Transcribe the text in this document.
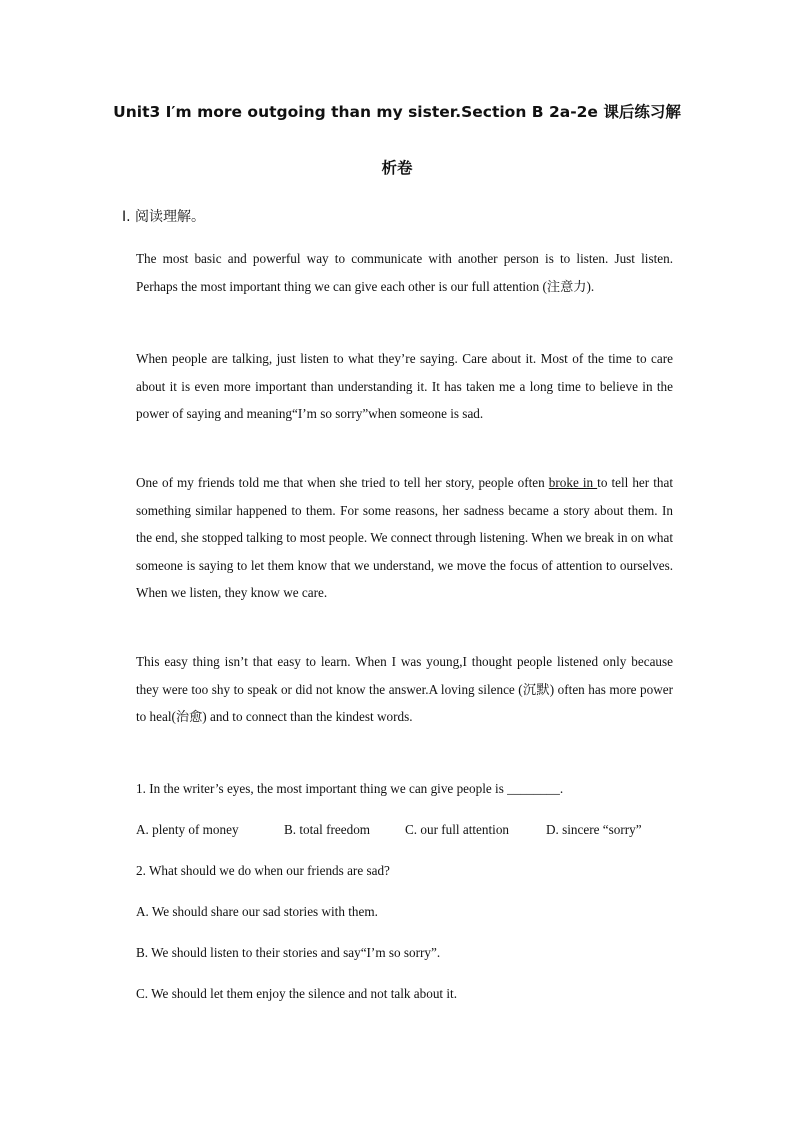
Unit3 I′m more outgoing than my sister.Section B 2a-2e 课后练习解
析卷
Ⅰ. 阅读理解。

The most basic and powerful way to communicate with another person is to listen. Just listen. Perhaps the most important thing we can give each other is our full attention (注意力).

When people are talking, just listen to what they’re saying. Care about it. Most of the time to care about it is even more important than understanding it. It has taken me a long time to believe in the power of saying and meaning“I’m so sorry”when someone is sad.

One of my friends told me that when she tried to tell her story, people often broke in to tell her that something similar happened to them. For some reasons, her sadness became a story about them. In the end, she stopped talking to most people. We connect through listening. When we break in on what someone is saying to let them know that we understand, we move the focus of attention to ourselves. When we listen, they know we care.

This easy thing isn’t that easy to learn. When I was young,I thought people listened only because they were too shy to speak or did not know the answer.A loving silence (沉默) often has more power to heal(治愈) and to connect than the kindest words.

1. In the writer’s eyes, the most important thing we can give people is ________.
A. plenty of money	B. total freedom	C. our full attention	D. sincere “sorry”
2. What should we do when our friends are sad?
A. We should share our sad stories with them.
B. We should listen to their stories and say“I’m so sorry”.
C. We should let them enjoy the silence and not talk about it.
